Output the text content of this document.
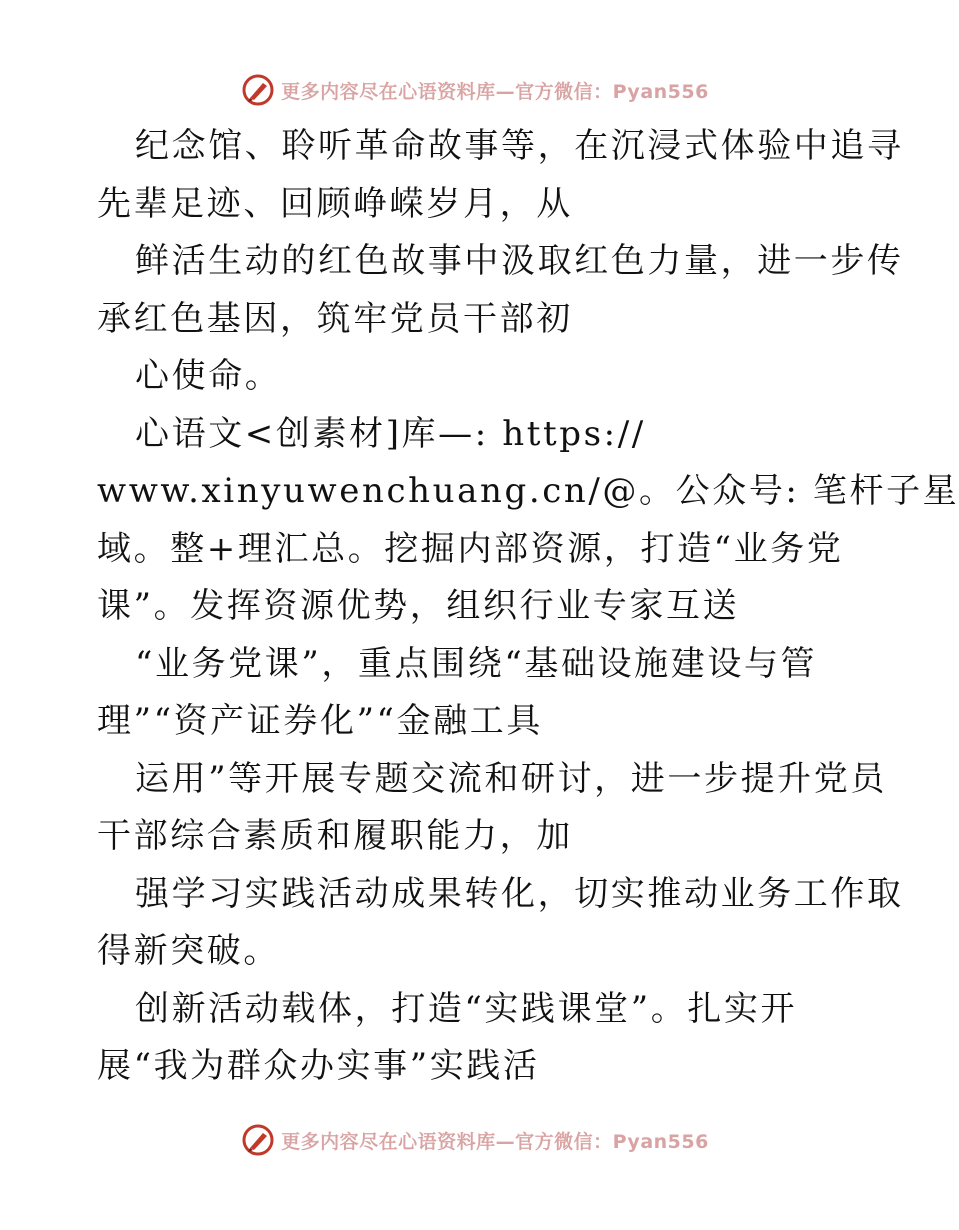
更多内容尽在心语资料库—官方微信：Pyan556
纪念馆、聆听革命故事等，在沉浸式体验中追寻
先辈足迹、回顾峥嵘岁月，从
鲜活生动的红色故事中汲取红色力量，进一步传
承红色基因，筑牢党员干部初
心使命。
心语文<创素材]库—: https://
www.xinyuwenchuang.cn/@。公众号: 笔杆子星
域。整+理汇总。挖掘内部资源，打造“业务党
课”。发挥资源优势，组织行业专家互送
“业务党课”，重点围绕“基础设施建设与管
理”“资产证券化”“金融工具
运用”等开展专题交流和研讨，进一步提升党员
干部综合素质和履职能力，加
强学习实践活动成果转化，切实推动业务工作取
得新突破。
创新活动载体，打造“实践课堂”。扎实开
展“我为群众办实事”实践活
更多内容尽在心语资料库—官方微信：Pyan556
